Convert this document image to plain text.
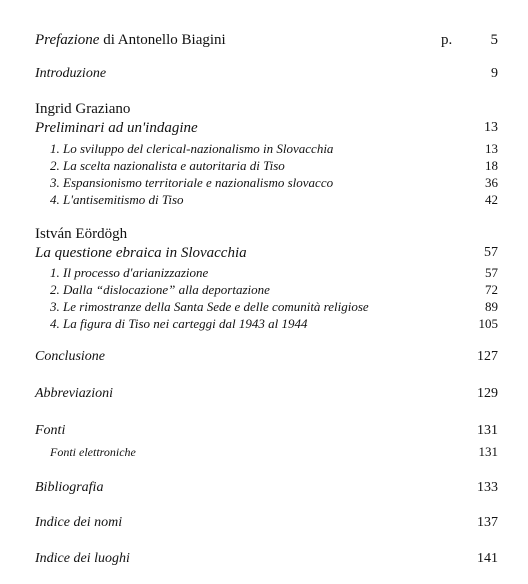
Prefazione di Antonello Biagini	p.	5
Introduzione	9
Ingrid Graziano
Preliminari ad un'indagine	13
1. Lo sviluppo del clerical-nazionalismo in Slovacchia	13
2. La scelta nazionalista e autoritaria di Tiso	18
3. Espansionismo territoriale e nazionalismo slovacco	36
4. L'antisemitismo di Tiso	42
István Eördögh
La questione ebraica in Slovacchia	57
1. Il processo d'arianizzazione	57
2. Dalla “dislocazione” alla deportazione	72
3. Le rimostranze della Santa Sede e delle comunità religiose	89
4. La figura di Tiso nei carteggi dal 1943 al 1944	105
Conclusione	127
Abbreviazioni	129
Fonti	131
Fonti elettroniche	131
Bibliografia	133
Indice dei nomi	137
Indice dei luoghi	141
